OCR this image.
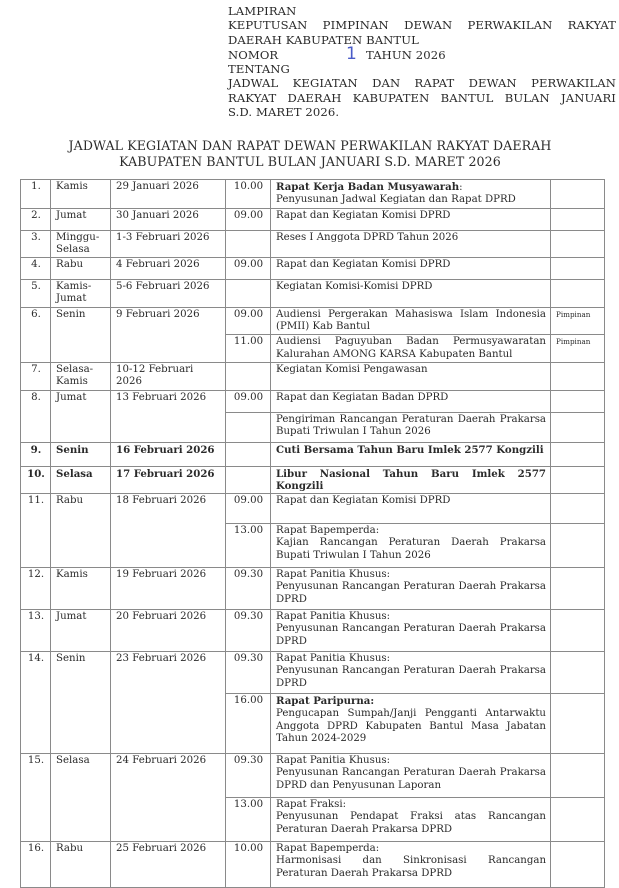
LAMPIRAN
KEPUTUSAN PIMPINAN DEWAN PERWAKILAN RAKYAT
DAERAH KABUPATEN BANTUL
NOMOR	1 TAHUN 2026
TENTANG
JADWAL KEGIATAN DAN RAPAT DEWAN PERWAKILAN
RAKYAT DAERAH KABUPATEN BANTUL BULAN JANUARI
S.D. MARET 2026.
JADWAL KEGIATAN DAN RAPAT DEWAN PERWAKILAN RAKYAT DAERAH
KABUPATEN BANTUL BULAN JANUARI S.D. MARET 2026
1.	Kamis	29 Januari 2026	10.00	Rapat Kerja Badan Musyawarah:
Penyusunan Jadwal Kegiatan dan Rapat DPRD	

2.	Jumat	30 Januari 2026	09.00	Rapat dan Kegiatan Komisi DPRD	

3.	Minggu-Selasa	1-3 Februari 2026		Reses I Anggota DPRD Tahun 2026	

4.	Rabu	4 Februari 2026	09.00	Rapat dan Kegiatan Komisi DPRD	

5.	Kamis-Jumat	5-6 Februari 2026		Kegiatan Komisi-Komisi DPRD	

6.	Senin	9 Februari 2026	09.00	Audiensi Pergerakan Mahasiswa Islam Indonesia (PMII) Kab Bantul	Pimpinan
			11.00	Audiensi Paguyuban Badan Permusyawaratan Kalurahan AMONG KARSA Kabupaten Bantul	Pimpinan
7.	Selasa-Kamis	10-12 Februari 2026		Kegiatan Komisi Pengawasan	

8.	Jumat	13 Februari 2026	09.00	Rapat dan Kegiatan Badan DPRD	

				Pengiriman Rancangan Peraturan Daerah Prakarsa Bupati Triwulan I Tahun 2026	

9.	Senin	16 Februari 2026		Cuti Bersama Tahun Baru Imlek 2577 Kongzili	

10.	Selasa	17 Februari 2026		Libur Nasional Tahun Baru Imlek 2577 Kongzili	

11.	Rabu	18 Februari 2026	09.00	Rapat dan Kegiatan Komisi DPRD	

			13.00	Rapat Bapemperda:
Kajian Rancangan Peraturan Daerah Prakarsa Bupati Triwulan I Tahun 2026	

12.	Kamis	19 Februari 2026	09.30	Rapat Panitia Khusus:
Penyusunan Rancangan Peraturan Daerah Prakarsa DPRD	

13.	Jumat	20 Februari 2026	09.30	Rapat Panitia Khusus:
Penyusunan Rancangan Peraturan Daerah Prakarsa DPRD	

14.	Senin	23 Februari 2026	09.30	Rapat Panitia Khusus:
Penyusunan Rancangan Peraturan Daerah Prakarsa DPRD	

			16.00	Rapat Paripurna:
Pengucapan Sumpah/Janji Pengganti Antarwaktu Anggota DPRD Kabupaten Bantul Masa Jabatan Tahun 2024-2029	

15.	Selasa	24 Februari 2026	09.30	Rapat Panitia Khusus:
Penyusunan Rancangan Peraturan Daerah Prakarsa DPRD dan Penyusunan Laporan	

			13.00	Rapat Fraksi:
Penyusunan Pendapat Fraksi atas Rancangan Peraturan Daerah Prakarsa DPRD	

16.	Rabu	25 Februari 2026	10.00	Rapat Bapemperda:
Harmonisasi dan Sinkronisasi Rancangan Peraturan Daerah Prakarsa DPRD	
